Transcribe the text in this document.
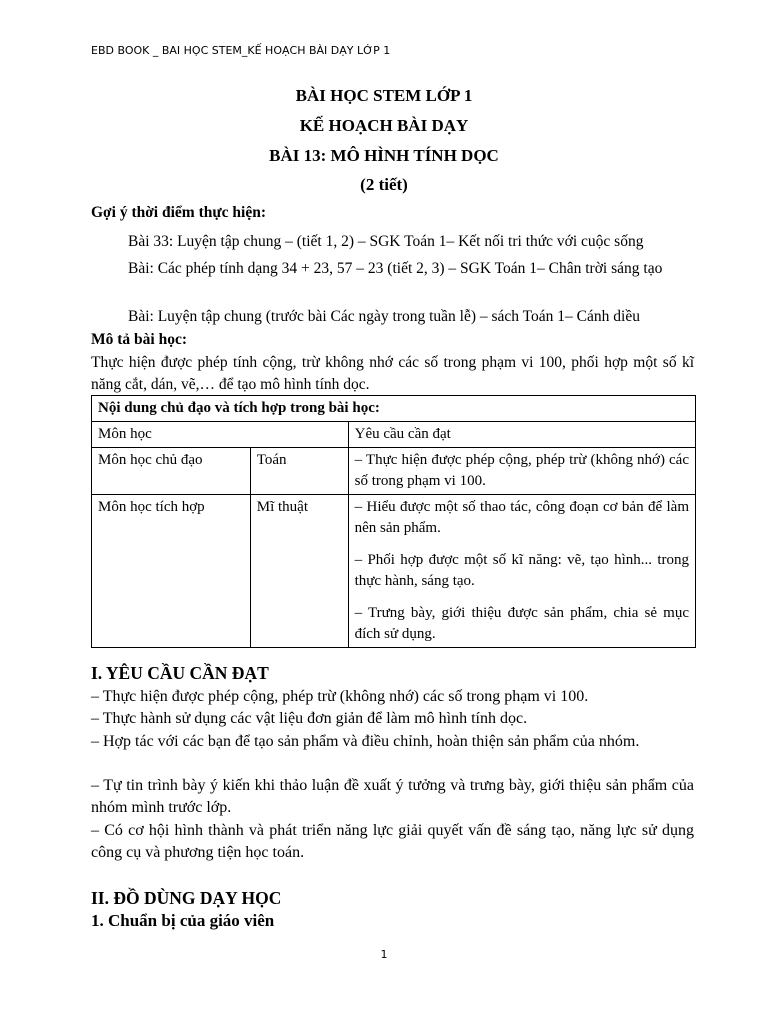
EBD BOOK _ BAI HỌC STEM_KẾ HOẠCH BÀI DẠY LỚP 1
BÀI HỌC STEM LỚP 1
KẾ HOẠCH BÀI DẠY
BÀI 13: MÔ HÌNH TÍNH DỌC
(2 tiết)
Gợi ý thời điểm thực hiện:
Bài 33: Luyện tập chung – (tiết 1, 2) – SGK Toán 1– Kết nối tri thức với cuộc sống
Bài: Các phép tính dạng 34 + 23, 57 – 23 (tiết 2, 3) – SGK Toán 1– Chân trời sáng tạo
Bài: Luyện tập chung (trước bài Các ngày trong tuần lễ) – sách Toán 1– Cánh diều
Mô tả bài học:
Thực hiện được phép tính cộng, trừ không nhớ các số trong phạm vi 100, phối hợp một số kĩ năng cắt, dán, vẽ,… để tạo mô hình tính dọc.
Nội dung chủ đạo và tích hợp trong bài học:		
Môn học		Yêu cầu cần đạt
Môn học chủ đạo	Toán	– Thực hiện được phép cộng, phép trừ (không nhớ) các số trong phạm vi 100.

Môn học tích hợp	Mĩ thuật	– Hiểu được một số thao tác, công đoạn cơ bản để làm nên sản phẩm.

– Phối hợp được một số kĩ năng: vẽ, tạo hình... trong thực hành, sáng tạo.

– Trưng bày, giới thiệu được sản phẩm, chia sẻ mục đích sử dụng.

I. YÊU CẦU CẦN ĐẠT
– Thực hiện được phép cộng, phép trừ (không nhớ) các số trong phạm vi 100.
– Thực hành sử dụng các vật liệu đơn giản để làm mô hình tính dọc.
– Hợp tác với các bạn để tạo sản phẩm và điều chỉnh, hoàn thiện sản phẩm của nhóm.
– Tự tin trình bày ý kiến khi thảo luận đề xuất ý tưởng và trưng bày, giới thiệu sản phẩm của nhóm mình trước lớp.
– Có cơ hội hình thành và phát triển năng lực giải quyết vấn đề sáng tạo, năng lực sử dụng công cụ và phương tiện học toán.
II. ĐỒ DÙNG DẠY HỌC
1. Chuẩn bị của giáo viên
1
